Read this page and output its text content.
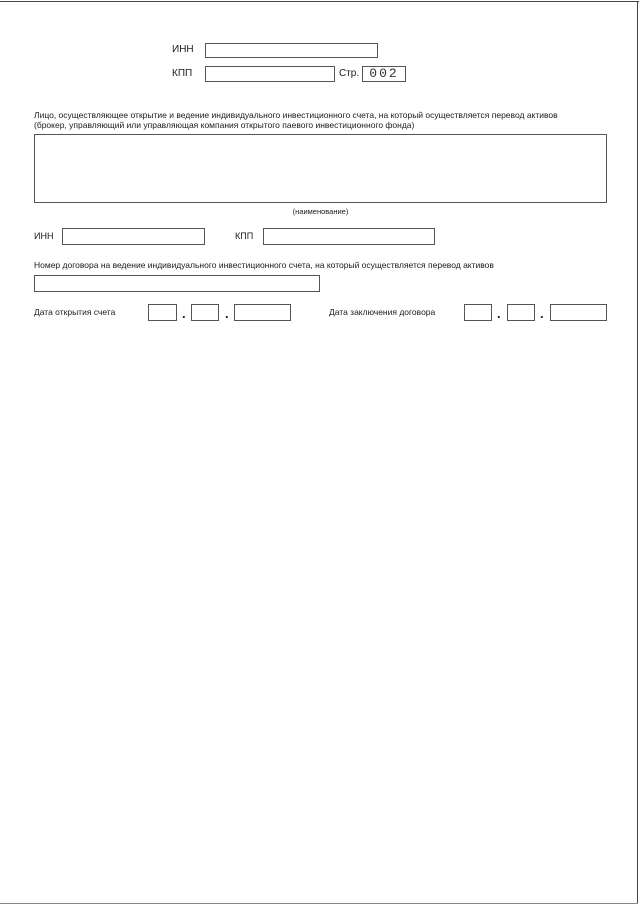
ИНН
КПП	Стр. 002
Лицо, осуществляющее открытие и ведение индивидуального инвестиционного счета, на который осуществляется перевод активов
(брокер, управляющий или управляющая компания открытого паевого инвестиционного фонда)
(наименование)
ИНН	КПП
Номер договора на ведение индивидуального инвестиционного счета, на который осуществляется перевод активов
Дата открытия счета	.	.	Дата заключения договора	.	.
